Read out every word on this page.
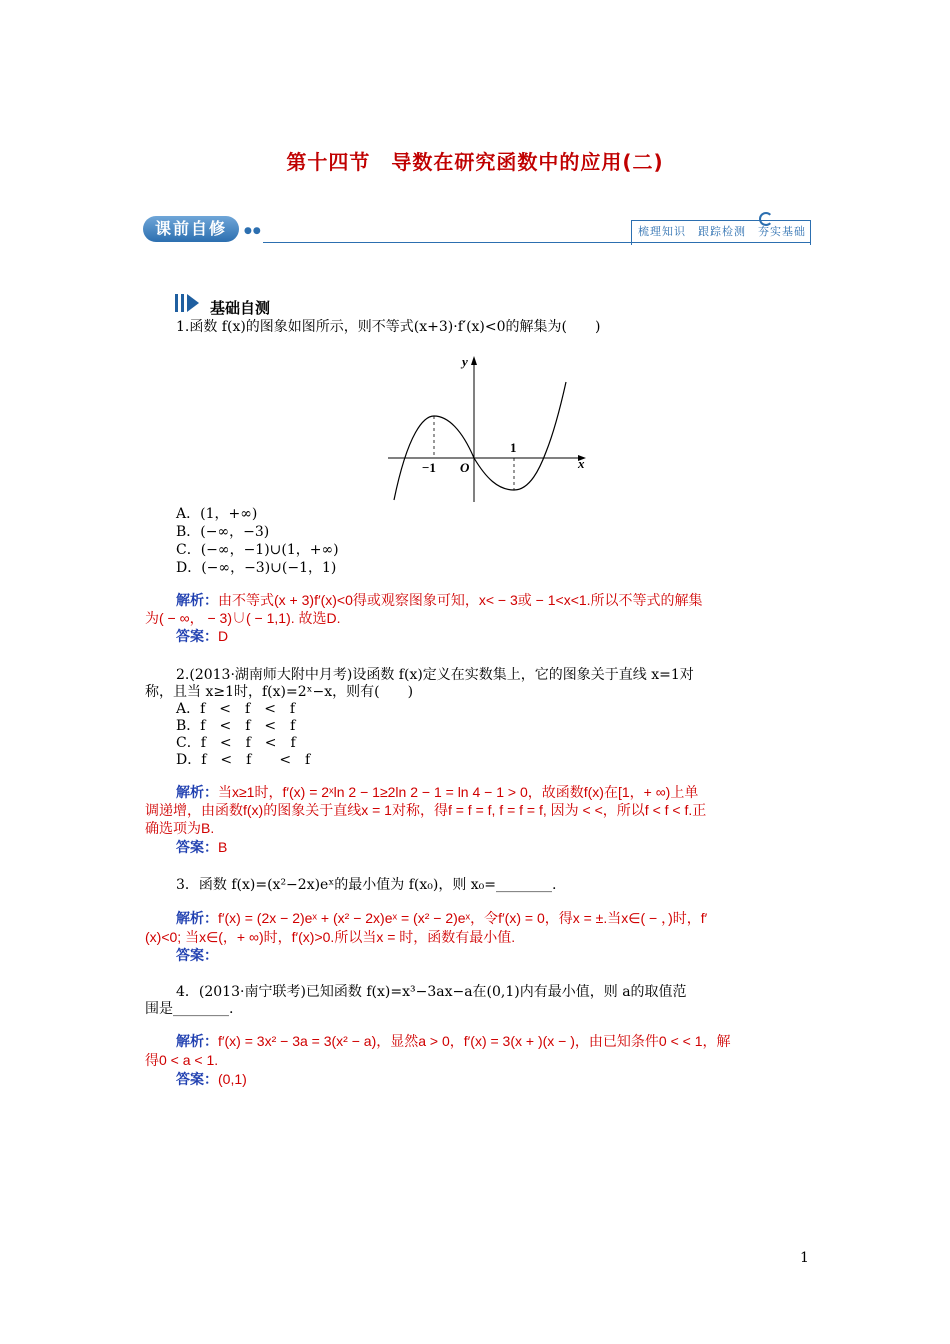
第十四节　导数在研究函数中的应用(二)
课前自修	●●	梳理知识　跟踪检测　夯实基础
基础自测
1.函数 f(x)的图象如图所示，则不等式(x+3)·f′(x)<0的解集为(　　)
y
x
−1 O
1
A．(1，+∞)
B．(−∞，−3)
C．(−∞，−1)∪(1，+∞)
D．(−∞，−3)∪(−1，1)
解析：由不等式(x + 3)f′(x)<0得或观察图象可知，x< − 3或 − 1<x<1.所以不等式的解集
为( − ∞， − 3)∪( − 1,1). 故选D.
答案：D
2.(2013·湖南师大附中月考)设函数 f(x)定义在实数集上，它的图象关于直线 x=1对
称，且当 x≥1时，f(x)=2ˣ−x，则有(　　)
A．f　<　f　<　f
B．f　<　f　<　f
C．f　<　f　<　f
D．f　<　f　　<　f
解析：当x≥1时，f′(x) = 2ˣln 2 − 1≥2ln 2 − 1 = ln 4 − 1 > 0，故函数f(x)在[1，+ ∞)上单
调递增，由函数f(x)的图象关于直线x = 1对称，得f = f = f, f = f = f, 因为 < <，所以f < f < f.正
确选项为B.
答案：B
3．函数 f(x)=(x²−2x)eˣ的最小值为 f(x₀)，则 x₀=________.
解析：f′(x) = (2x − 2)eˣ + (x² − 2x)eˣ = (x² − 2)eˣ，令f′(x) = 0，得x = ±.当x∈( − ，)时，f′
(x)<0; 当x∈(，+ ∞)时，f′(x)>0.所以当x = 时，函数有最小值.
答案：
4．(2013·南宁联考)已知函数 f(x)=x³−3ax−a在(0,1)内有最小值，则 a的取值范
围是________.
解析：f′(x) = 3x² − 3a = 3(x² − a)，显然a > 0，f′(x) = 3(x + )(x − )，由已知条件0 < < 1，解
得0 < a < 1.
答案：(0,1)
1
